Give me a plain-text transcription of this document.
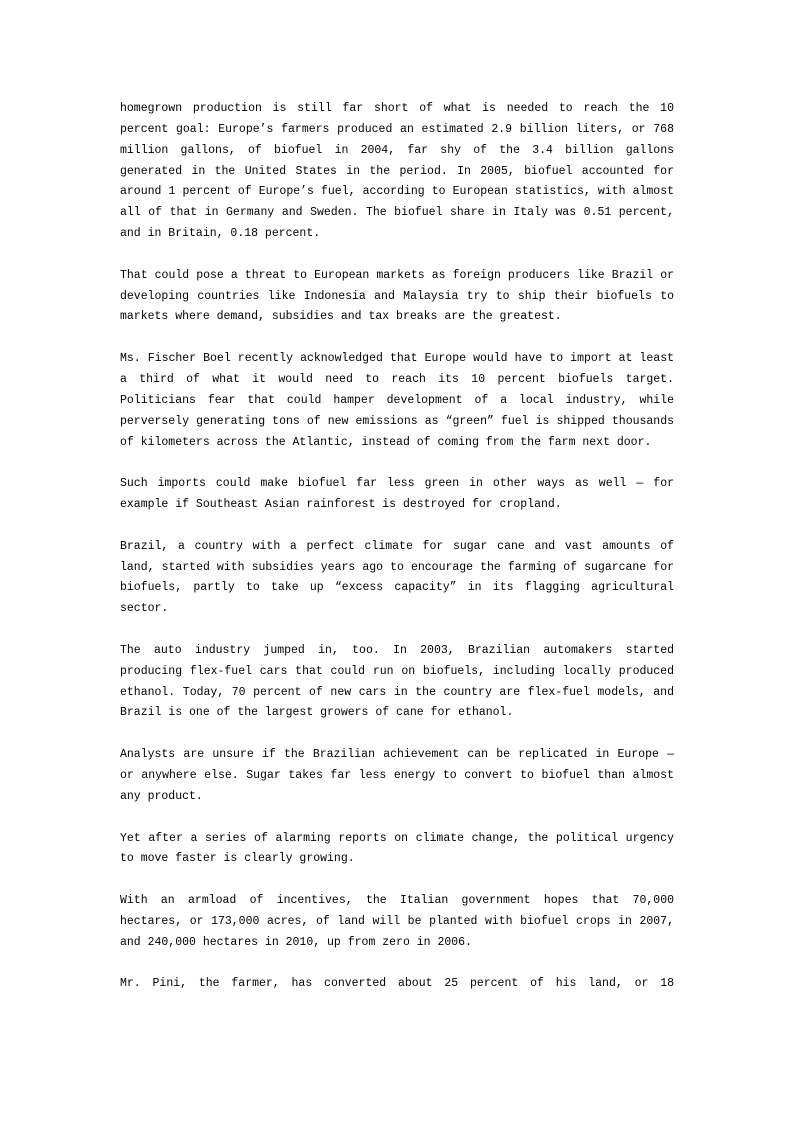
homegrown production is still far short of what is needed to reach the 10 percent goal: Europe’s farmers produced an estimated 2.9 billion liters, or 768 million gallons, of biofuel in 2004, far shy of the 3.4 billion gallons generated in the United States in the period. In 2005, biofuel accounted for around 1 percent of Europe’s fuel, according to European statistics, with almost all of that in Germany and Sweden. The biofuel share in Italy was 0.51 percent, and in Britain, 0.18 percent.

That could pose a threat to European markets as foreign producers like Brazil or developing countries like Indonesia and Malaysia try to ship their biofuels to markets where demand, subsidies and tax breaks are the greatest.

Ms. Fischer Boel recently acknowledged that Europe would have to import at least a third of what it would need to reach its 10 percent biofuels target. Politicians fear that could hamper development of a local industry, while perversely generating tons of new emissions as “green” fuel is shipped thousands of kilometers across the Atlantic, instead of coming from the farm next door.

Such imports could make biofuel far less green in other ways as well — for example if Southeast Asian rainforest is destroyed for cropland.

Brazil, a country with a perfect climate for sugar cane and vast amounts of land, started with subsidies years ago to encourage the farming of sugarcane for biofuels, partly to take up “excess capacity” in its flagging agricultural sector.

The auto industry jumped in, too. In 2003, Brazilian automakers started producing flex-fuel cars that could run on biofuels, including locally produced ethanol. Today, 70 percent of new cars in the country are flex-fuel models, and Brazil is one of the largest growers of cane for ethanol.

Analysts are unsure if the Brazilian achievement can be replicated in Europe — or anywhere else. Sugar takes far less energy to convert to biofuel than almost any product.

Yet after a series of alarming reports on climate change, the political urgency to move faster is clearly growing.

With an armload of incentives, the Italian government hopes that 70,000 hectares, or 173,000 acres, of land will be planted with biofuel crops in 2007, and 240,000 hectares in 2010, up from zero in 2006.

Mr. Pini, the farmer, has converted about 25 percent of his land, or 18
